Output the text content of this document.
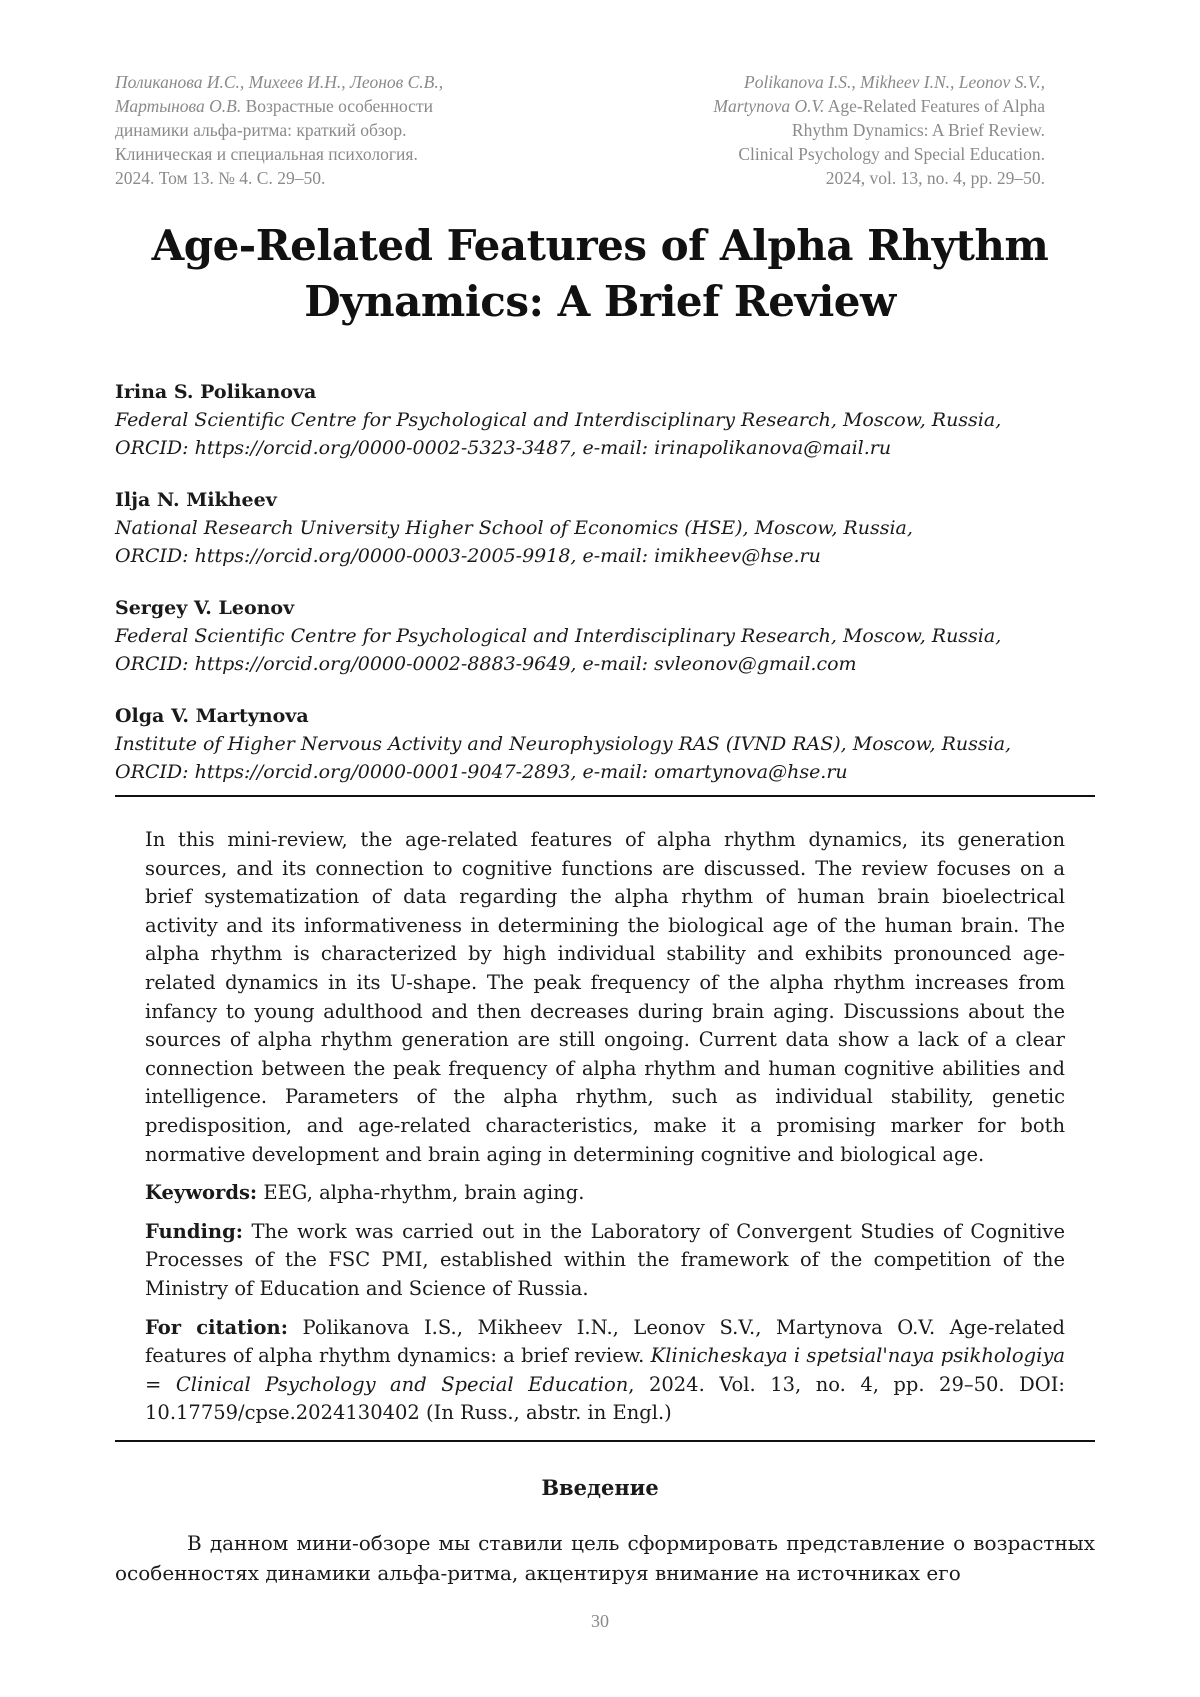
Поликанова И.С., Михеев И.Н., Леонов С.В.,
Мартынова О.В. Возрастные особенности
динамики альфа-ритма: краткий обзор.
Клиническая и специальная психология.
2024. Том 13. № 4. С. 29–50.
Polikanova I.S., Mikheev I.N., Leonov S.V.,
Martynova O.V. Age-Related Features of Alpha
Rhythm Dynamics: A Brief Review.
Clinical Psychology and Special Education.
2024, vol. 13, no. 4, pp. 29–50.
Age-Related Features of Alpha Rhythm
Dynamics: A Brief Review
Irina S. Polikanova
Federal Scientific Centre for Psychological and Interdisciplinary Research, Moscow, Russia,
ORCID: https://orcid.org/0000-0002-5323-3487, e-mail: irinapolikanova@mail.ru
Ilja N. Mikheev
National Research University Higher School of Economics (HSE), Moscow, Russia,
ORCID: https://orcid.org/0000-0003-2005-9918, e-mail: imikheev@hse.ru
Sergey V. Leonov
Federal Scientific Centre for Psychological and Interdisciplinary Research, Moscow, Russia,
ORCID: https://orcid.org/0000-0002-8883-9649, e-mail: svleonov@gmail.com
Olga V. Martynova
Institute of Higher Nervous Activity and Neurophysiology RAS (IVND RAS), Moscow, Russia,
ORCID: https://orcid.org/0000-0001-9047-2893, e-mail: omartynova@hse.ru

In this mini-review, the age-related features of alpha rhythm dynamics, its generation sources, and its connection to cognitive functions are discussed. The review focuses on a brief systematization of data regarding the alpha rhythm of human brain bioelectrical activity and its informativeness in determining the biological age of the human brain. The alpha rhythm is characterized by high individual stability and exhibits pronounced age-related dynamics in its U-shape. The peak frequency of the alpha rhythm increases from infancy to young adulthood and then decreases during brain aging. Discussions about the sources of alpha rhythm generation are still ongoing. Current data show a lack of a clear connection between the peak frequency of alpha rhythm and human cognitive abilities and intelligence. Parameters of the alpha rhythm, such as individual stability, genetic predisposition, and age-related characteristics, make it a promising marker for both normative development and brain aging in determining cognitive and biological age.

Keywords: EEG, alpha-rhythm, brain aging.

Funding: The work was carried out in the Laboratory of Convergent Studies of Cognitive Processes of the FSC PMI, established within the framework of the competition of the Ministry of Education and Science of Russia.

For citation: Polikanova I.S., Mikheev I.N., Leonov S.V., Martynova O.V. Age-related features of alpha rhythm dynamics: a brief review. Klinicheskaya i spetsial'naya psikhologiya = Clinical Psychology and Special Education, 2024. Vol. 13, no. 4, pp. 29–50. DOI: 10.17759/cpse.2024130402 (In Russ., abstr. in Engl.)

Введение

В данном мини-обзоре мы ставили цель сформировать представление о возрастных особенностях динамики альфа-ритма, акцентируя внимание на источниках его

30
